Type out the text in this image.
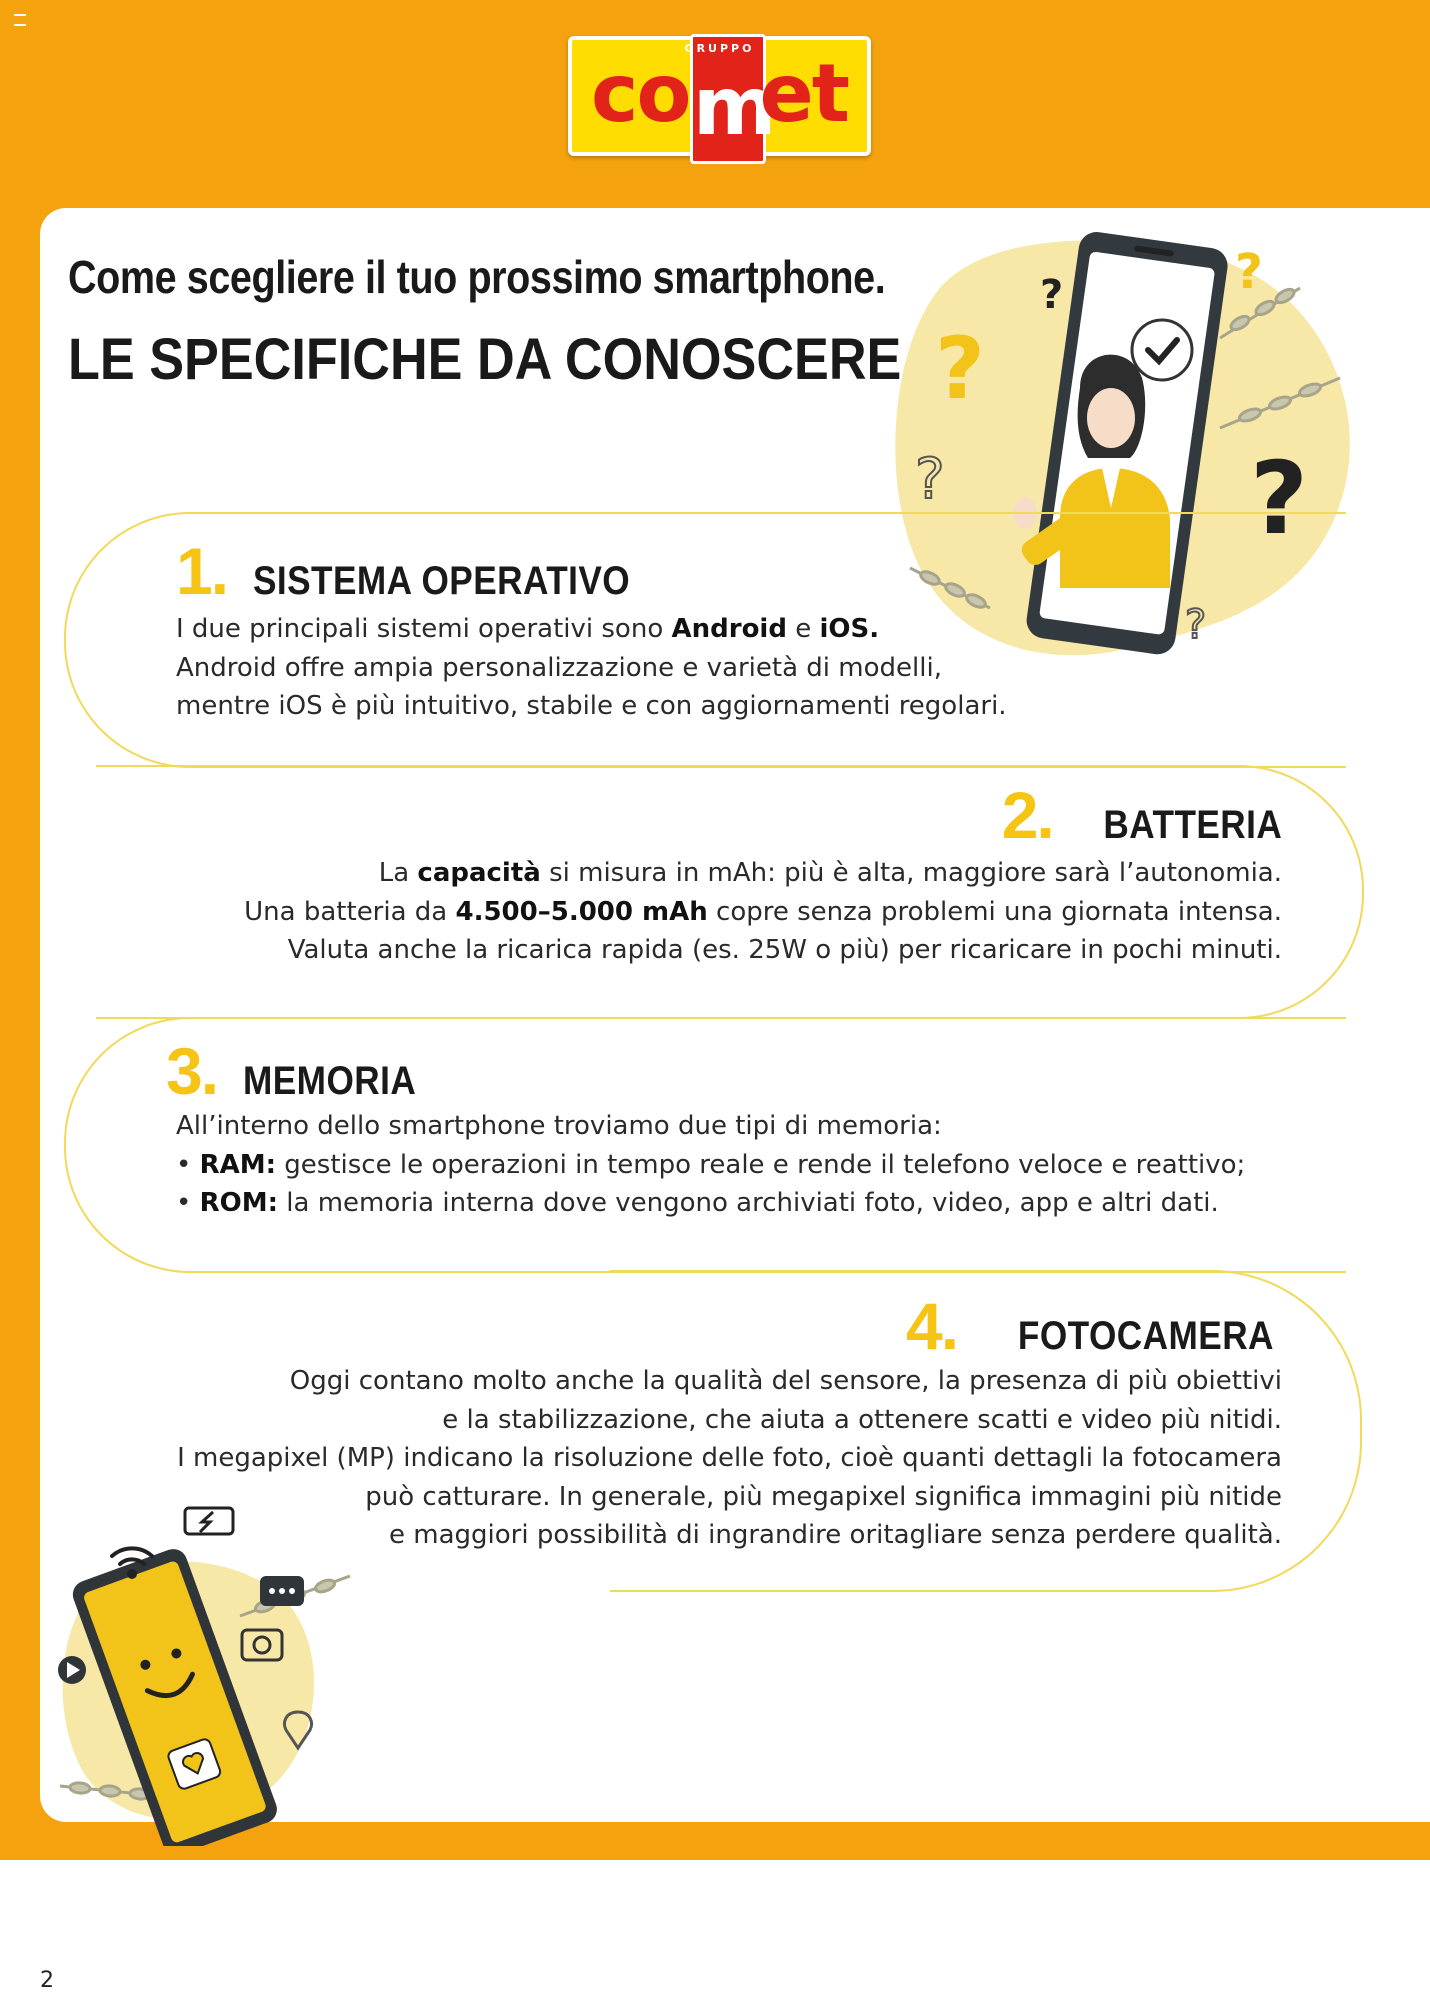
m
GRUPPO
co et
Come scegliere il tuo prossimo smartphone.
LE SPECIFICHE DA CONOSCERE ?
?	?
?
?
?
1. SISTEMA OPERATIVO

I due principali sistemi operativi sono Android e iOS.
Android offre ampia personalizzazione e varietà di modelli,
mentre iOS è più intuitivo, stabile e con aggiornamenti regolari.

2. BATTERIA

La capacità si misura in mAh: più è alta, maggiore sarà l’autonomia.
Una batteria da 4.500–5.000 mAh copre senza problemi una giornata intensa.
Valuta anche la ricarica rapida (es. 25W o più) per ricaricare in pochi minuti.

3. MEMORIA

All’interno dello smartphone troviamo due tipi di memoria:
• RAM: gestisce le operazioni in tempo reale e rende il telefono veloce e reattivo;
• ROM: la memoria interna dove vengono archiviati foto, video, app e altri dati.

4. FOTOCAMERA

Oggi contano molto anche la qualità del sensore, la presenza di più obiettivi
e la stabilizzazione, che aiuta a ottenere scatti e video più nitidi.
I megapixel (MP) indicano la risoluzione delle foto, cioè quanti dettagli la fotocamera
può catturare. In generale, più megapixel significa immagini più nitide
e maggiori possibilità di ingrandire oritagliare senza perdere qualità.

2
